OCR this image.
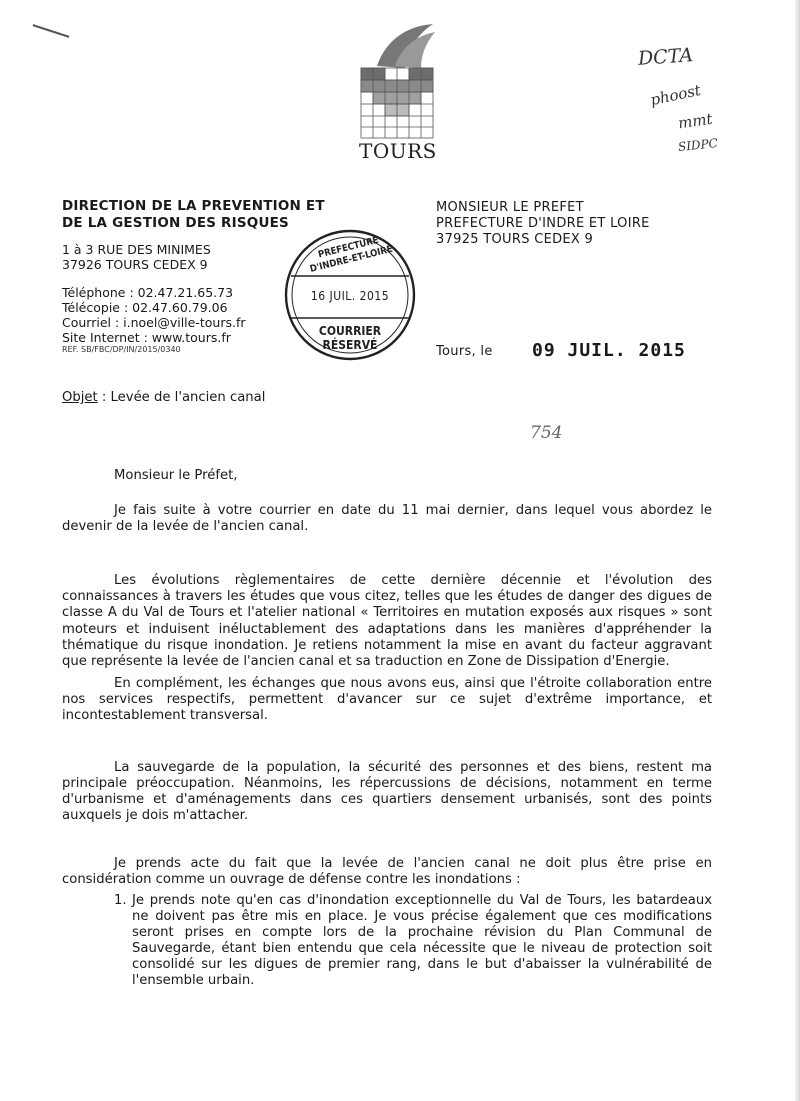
TOURS
DCTA
phoost
mmt
SIDPC
754
DIRECTION DE LA PREVENTION ET
DE LA GESTION DES RISQUES
1 à 3 RUE DES MINIMES
37926 TOURS CEDEX 9
Téléphone : 02.47.21.65.73
Télécopie : 02.47.60.79.06
Courriel : i.noel@ville-tours.fr
Site Internet : www.tours.fr
REF. SB/FBC/DP/IN/2015/0340
MONSIEUR LE PREFET
PREFECTURE D'INDRE ET LOIRE
37925 TOURS CEDEX 9
PREFECTURE D'INDRE-ET-LOIRE
16 JUIL. 2015
COURRIER
RÉSERVÉ	Tours, le 09 JUIL. 2015
Objet : Levée de l'ancien canal
Monsieur le Préfet,

Je fais suite à votre courrier en date du 11 mai dernier, dans lequel vous abordez le devenir de la levée de l'ancien canal.

Les évolutions règlementaires de cette dernière décennie et l'évolution des connaissances à travers les études que vous citez, telles que les études de danger des digues de classe A du Val de Tours et l'atelier national « Territoires en mutation exposés aux risques » sont moteurs et induisent inéluctablement des adaptations dans les manières d'appréhender la thématique du risque inondation. Je retiens notamment la mise en avant du facteur aggravant que représente la levée de l'ancien canal et sa traduction en Zone de Dissipation d'Energie.

En complément, les échanges que nous avons eus, ainsi que l'étroite collaboration entre nos services respectifs, permettent d'avancer sur ce sujet d'extrême importance, et incontestablement transversal.

La sauvegarde de la population, la sécurité des personnes et des biens, restent ma principale préoccupation. Néanmoins, les répercussions de décisions, notamment en terme d'urbanisme et d'aménagements dans ces quartiers densement urbanisés, sont des points auxquels je dois m'attacher.

Je prends acte du fait que la levée de l'ancien canal ne doit plus être prise en considération comme un ouvrage de défense contre les inondations :

1. Je prends note qu'en cas d'inondation exceptionnelle du Val de Tours, les batardeaux ne doivent pas être mis en place. Je vous précise également que ces modifications seront prises en compte lors de la prochaine révision du Plan Communal de Sauvegarde, étant bien entendu que cela nécessite que le niveau de protection soit consolidé sur les digues de premier rang, dans le but d'abaisser la vulnérabilité de l'ensemble urbain.
